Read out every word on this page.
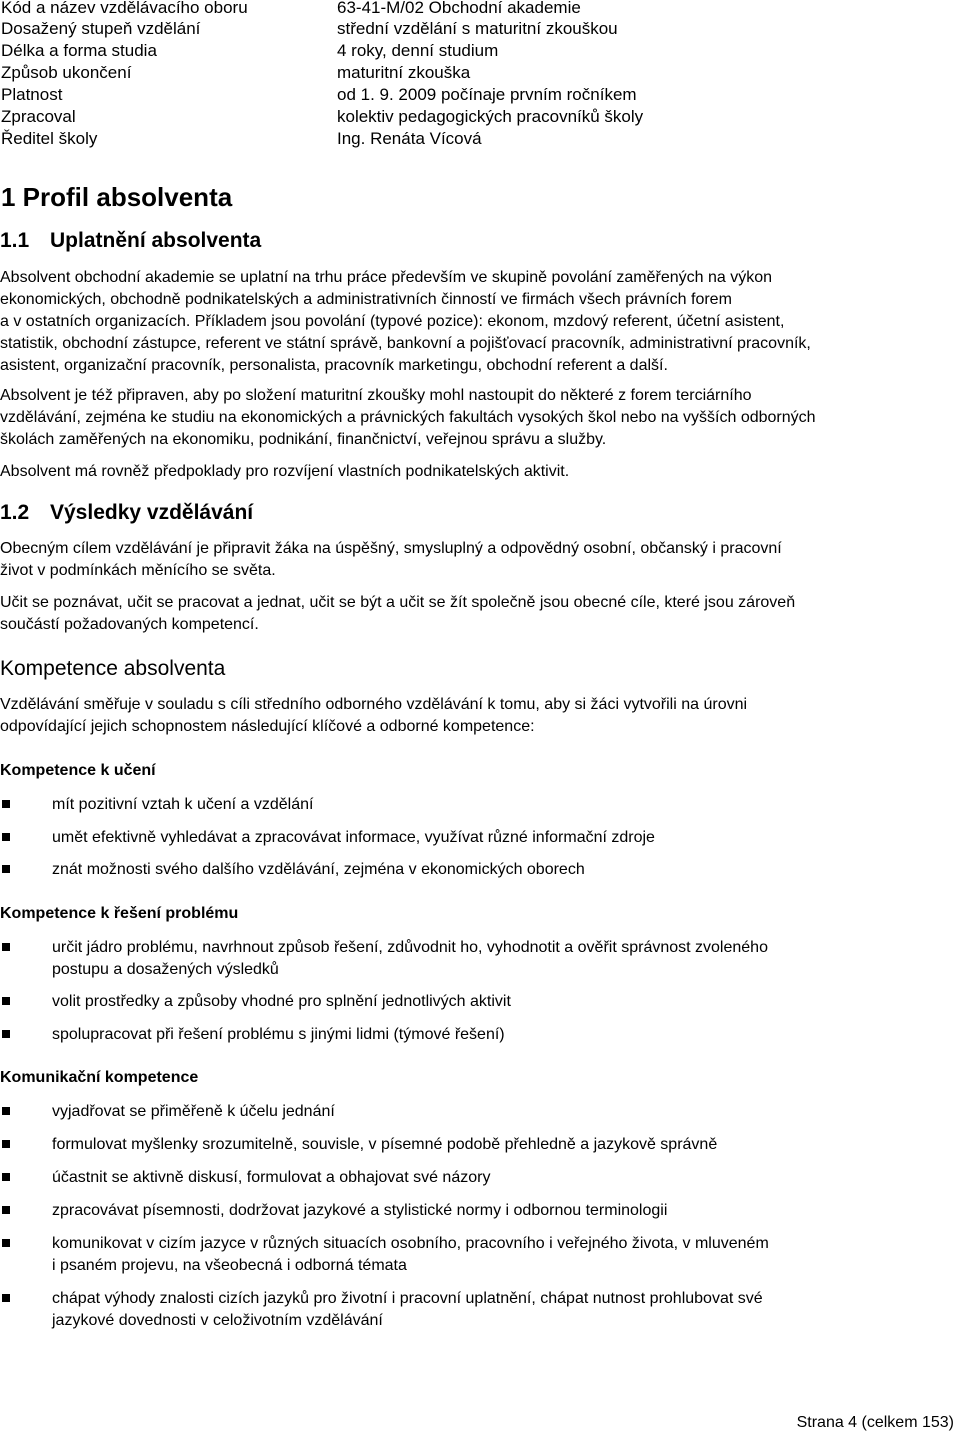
Kód a název vzdělávacího oboru	63-41-M/02 Obchodní akademie
Dosažený stupeň vzdělání	střední vzdělání s maturitní zkouškou
Délka a forma studia	4 roky, denní studium
Způsob ukončení	maturitní zkouška
Platnost	od 1. 9. 2009 počínaje prvním ročníkem
Zpracoval	kolektiv pedagogických pracovníků školy
Ředitel školy	Ing. Renáta Vícová
1 Profil absolventa
1.1 Uplatnění absolventa
Absolvent obchodní akademie se uplatní na trhu práce především ve skupině povolání zaměřených na výkon
ekonomických, obchodně podnikatelských a administrativních činností ve firmách všech právních forem
a v ostatních organizacích. Příkladem jsou povolání (typové pozice): ekonom, mzdový referent, účetní asistent,
statistik, obchodní zástupce, referent ve státní správě, bankovní a pojišťovací pracovník, administrativní pracovník,
asistent, organizační pracovník, personalista, pracovník marketingu, obchodní referent a další.
Absolvent je též připraven, aby po složení maturitní zkoušky mohl nastoupit do některé z forem terciárního
vzdělávání, zejména ke studiu na ekonomických a právnických fakultách vysokých škol nebo na vyšších odborných
školách zaměřených na ekonomiku, podnikání, finančnictví, veřejnou správu a služby.
Absolvent má rovněž předpoklady pro rozvíjení vlastních podnikatelských aktivit.
1.2 Výsledky vzdělávání
Obecným cílem vzdělávání je připravit žáka na úspěšný, smysluplný a odpovědný osobní, občanský i pracovní
život v podmínkách měnícího se světa.
Učit se poznávat, učit se pracovat a jednat, učit se být a učit se žít společně jsou obecné cíle, které jsou zároveň
součástí požadovaných kompetencí.
Kompetence absolventa
Vzdělávání směřuje v souladu s cíli středního odborného vzdělávání k tomu, aby si žáci vytvořili na úrovni
odpovídající jejich schopnostem následující klíčové a odborné kompetence:
Kompetence k učení
mít pozitivní vztah k učení a vzdělání
umět efektivně vyhledávat a zpracovávat informace, využívat různé informační zdroje
znát možnosti svého dalšího vzdělávání, zejména v ekonomických oborech
Kompetence k řešení problému
určit jádro problému, navrhnout způsob řešení, zdůvodnit ho, vyhodnotit a ověřit správnost zvoleného
postupu a dosažených výsledků
volit prostředky a způsoby vhodné pro splnění jednotlivých aktivit
spolupracovat při řešení problému s jinými lidmi (týmové řešení)
Komunikační kompetence
vyjadřovat se přiměřeně k účelu jednání
formulovat myšlenky srozumitelně, souvisle, v písemné podobě přehledně a jazykově správně
účastnit se aktivně diskusí, formulovat a obhajovat své názory
zpracovávat písemnosti, dodržovat jazykové a stylistické normy i odbornou terminologii
komunikovat v cizím jazyce v různých situacích osobního, pracovního i veřejného života, v mluveném
i psaném projevu, na všeobecná i odborná témata
chápat výhody znalosti cizích jazyků pro životní i pracovní uplatnění, chápat nutnost prohlubovat své
jazykové dovednosti v celoživotním vzdělávání
Strana 4 (celkem 153)
